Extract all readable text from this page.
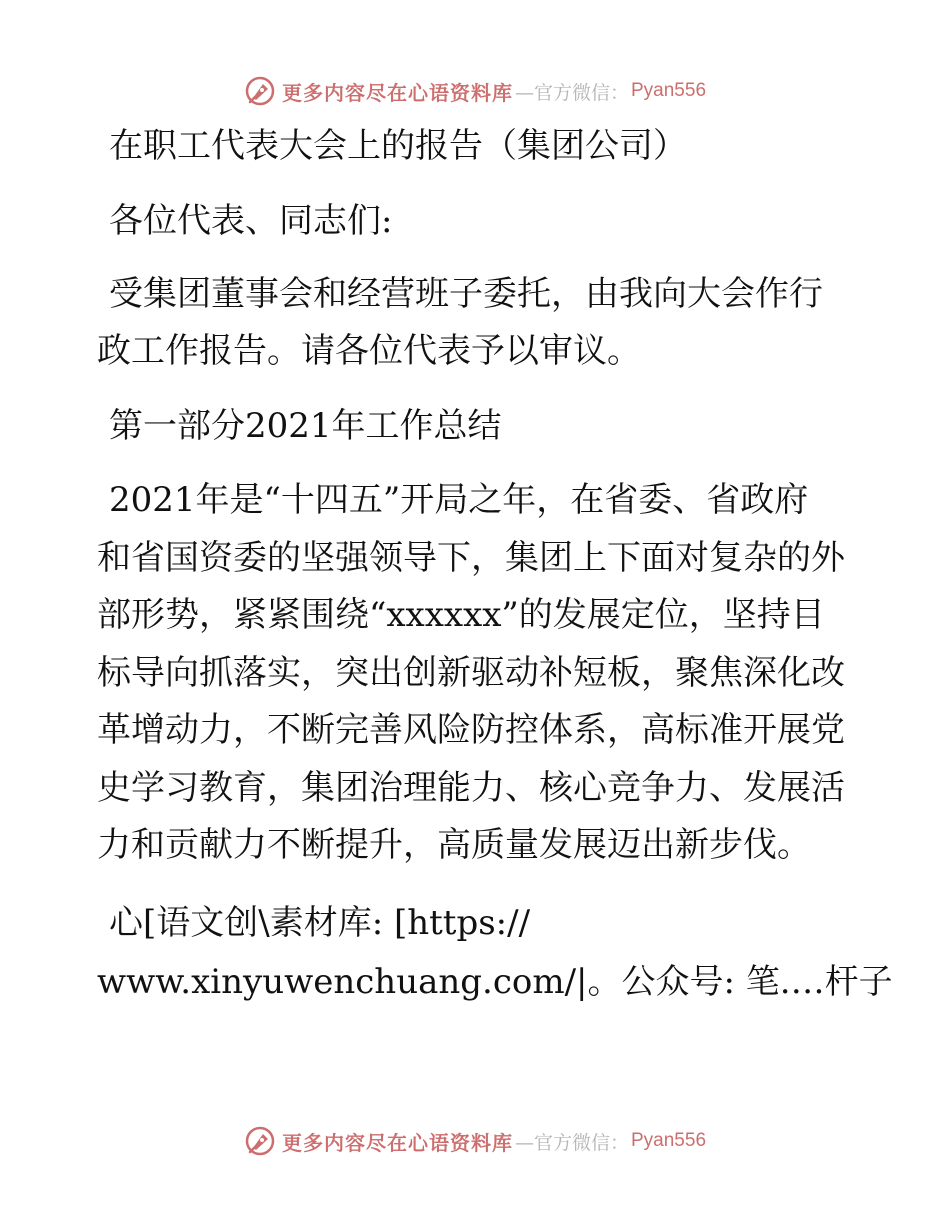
更多内容尽在心语资料库 —官方微信： Pyan556
在职工代表大会上的报告（集团公司）
各位代表、同志们:
受集团董事会和经营班子委托，由我向大会作行
政工作报告。请各位代表予以审议。
第一部分2021年工作总结
2021年是“十四五”开局之年，在省委、省政府
和省国资委的坚强领导下，集团上下面对复杂的外
部形势，紧紧围绕“xxxxxx”的发展定位，坚持目
标导向抓落实，突出创新驱动补短板，聚焦深化改
革增动力，不断完善风险防控体系，高标准开展党
史学习教育，集团治理能力、核心竞争力、发展活
力和贡献力不断提升，高质量发展迈出新步伐。
心[语文创\素材库: [https://
www.xinyuwenchuang.com/|。公众号: 笔.…杆子
更多内容尽在心语资料库 —官方微信： Pyan556
